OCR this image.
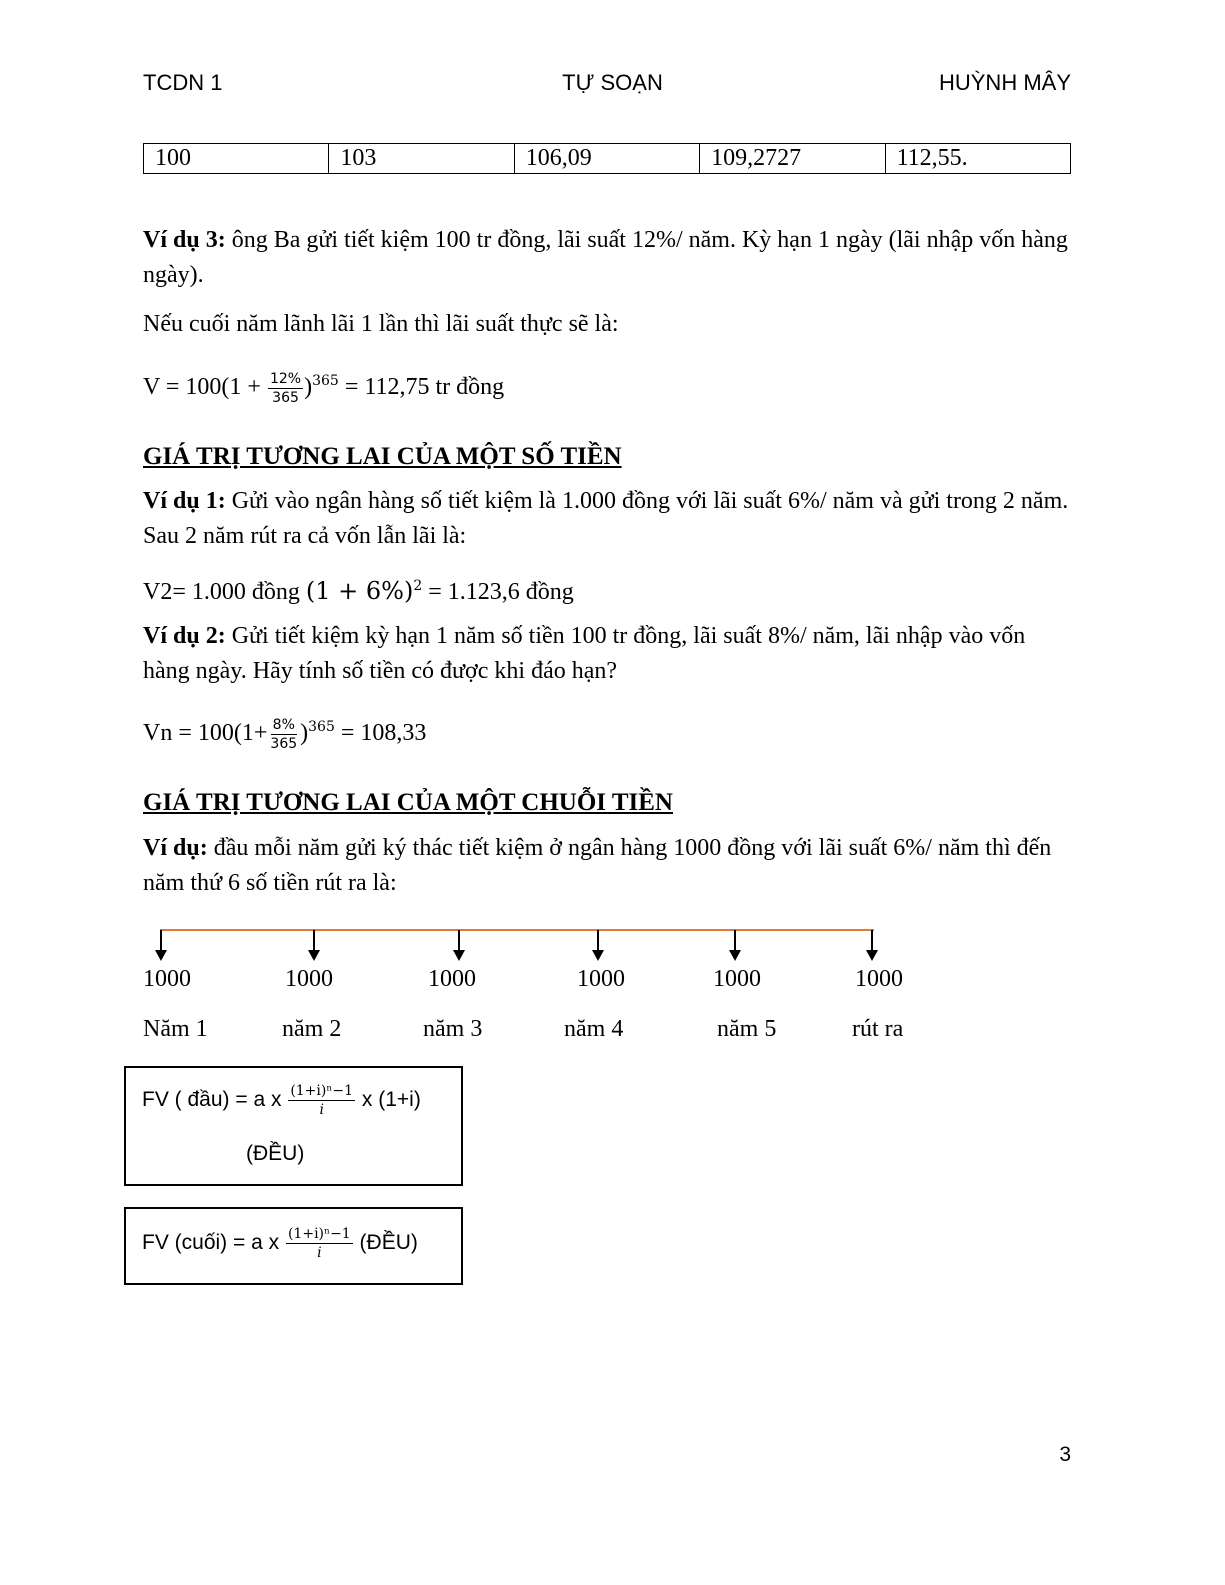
TCDN 1	TỰ SOẠN	HUỲNH MÂY
100	103	106,09	109,2727	112,55.
Ví dụ 3: ông Ba gửi tiết kiệm 100 tr đồng, lãi suất 12%/ năm. Kỳ hạn 1 ngày (lãi nhập vốn hàng ngày).
Nếu cuối năm lãnh lãi 1 lần thì lãi suất thực sẽ là:
$V = 100(1 + \frac{12\%}{365} )^{365} = 112,75$ tr đồng
GIÁ TRỊ TƯƠNG LAI CỦA MỘT SỐ TIỀN
Ví dụ 1: Gửi vào ngân hàng số tiết kiệm là 1.000 đồng với lãi suất 6%/ năm và gửi trong 2 năm. Sau 2 năm rút ra cả vốn lẫn lãi là:
V2= 1.000 đồng $(1 + 6\%)^2 = 1.123,6$ đồng
Ví dụ 2: Gửi tiết kiệm kỳ hạn 1 năm số tiền 100 tr đồng, lãi suất 8%/ năm, lãi nhập vào vốn hàng ngày. Hãy tính số tiền có được khi đáo hạn?
$Vn = 100(1+ \frac{8\%}{365} )^{365} = 108,33$
GIÁ TRỊ TƯƠNG LAI CỦA MỘT CHUỖI TIỀN
Ví dụ: đầu mỗi năm gửi ký thác tiết kiệm ở ngân hàng 1000 đồng với lãi suất 6%/ năm thì đến năm thứ 6 số tiền rút ra là:
1000
Năm 1
1000
năm 2
1000
năm 3
1000
năm 4
1000
năm 5
1000
rút ra
FV ( đầu) = a x $\frac{\text{(1+i)ⁿ−1}}{i}$ x (1+i)
(ĐỀU)
FV (cuối) = a x $\frac{\text{(1+i)ⁿ−1}}{i}$ (ĐỀU)
3
